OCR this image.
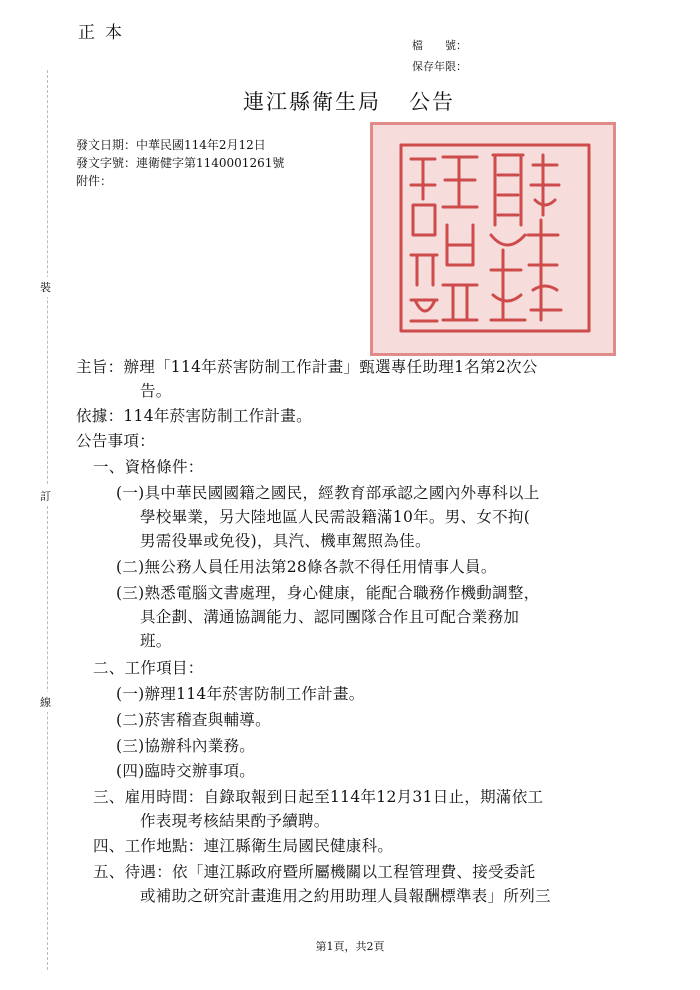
正本
檔　　號：
保存年限：
連江縣衛生局 公告
發文日期：中華民國114年2月12日
發文字號：連衛健字第1140001261號
附件：
裝
訂
線
主旨：辦理「114年菸害防制工作計畫」甄選專任助理1名第2次公
告。
依據：114年菸害防制工作計畫。
公告事項：
一、資格條件：
(一)具中華民國國籍之國民，經教育部承認之國內外專科以上
學校畢業，另大陸地區人民需設籍滿10年。男、女不拘(
男需役畢或免役)，具汽、機車駕照為佳。
(二)無公務人員任用法第28條各款不得任用情事人員。
(三)熟悉電腦文書處理，身心健康，能配合職務作機動調整，
具企劃、溝通協調能力、認同團隊合作且可配合業務加
班。
二、工作項目：
(一)辦理114年菸害防制工作計畫。
(二)菸害稽查與輔導。
(三)協辦科內業務。
(四)臨時交辦事項。
三、雇用時間：自錄取報到日起至114年12月31日止，期滿依工
作表現考核結果酌予續聘。
四、工作地點：連江縣衛生局國民健康科。
五、待遇：依「連江縣政府暨所屬機關以工程管理費、接受委託
或補助之研究計畫進用之約用助理人員報酬標準表」所列三
第1頁，共2頁
